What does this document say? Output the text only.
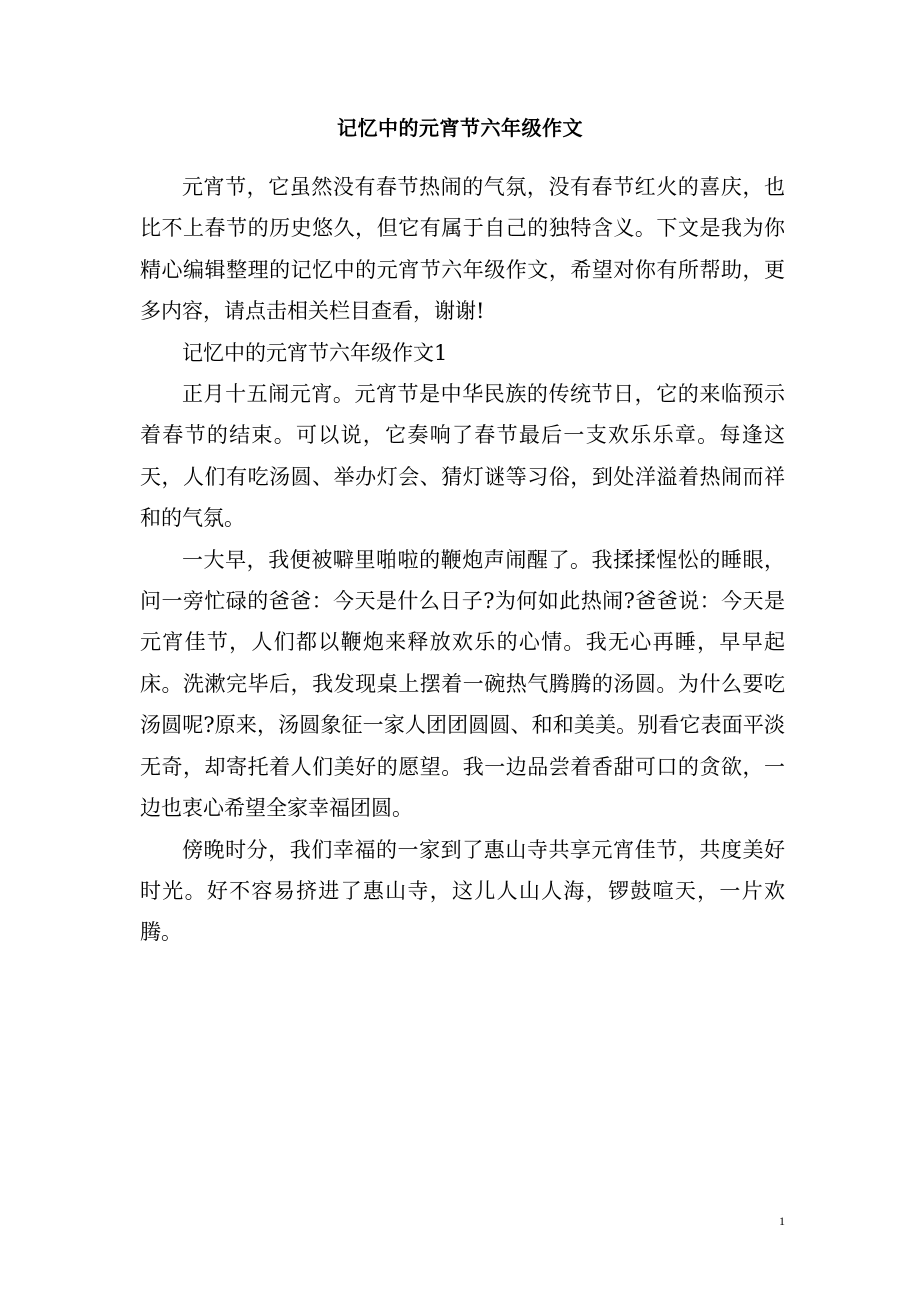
记忆中的元宵节六年级作文

元宵节，它虽然没有春节热闹的气氛，没有春节红火的喜庆，也比不上春节的历史悠久，但它有属于自己的独特含义。下文是我为你精心编辑整理的记忆中的元宵节六年级作文，希望对你有所帮助，更多内容，请点击相关栏目查看，谢谢!

记忆中的元宵节六年级作文1

正月十五闹元宵。元宵节是中华民族的传统节日，它的来临预示着春节的结束。可以说，它奏响了春节最后一支欢乐乐章。每逢这天，人们有吃汤圆、举办灯会、猜灯谜等习俗，到处洋溢着热闹而祥和的气氛。

一大早，我便被噼里啪啦的鞭炮声闹醒了。我揉揉惺忪的睡眼，问一旁忙碌的爸爸：今天是什么日子?为何如此热闹?爸爸说：今天是元宵佳节，人们都以鞭炮来释放欢乐的心情。我无心再睡，早早起床。洗漱完毕后，我发现桌上摆着一碗热气腾腾的汤圆。为什么要吃汤圆呢?原来，汤圆象征一家人团团圆圆、和和美美。别看它表面平淡无奇，却寄托着人们美好的愿望。我一边品尝着香甜可口的贪欲，一边也衷心希望全家幸福团圆。

傍晚时分，我们幸福的一家到了惠山寺共享元宵佳节，共度美好时光。好不容易挤进了惠山寺，这儿人山人海，锣鼓喧天，一片欢腾。

1
